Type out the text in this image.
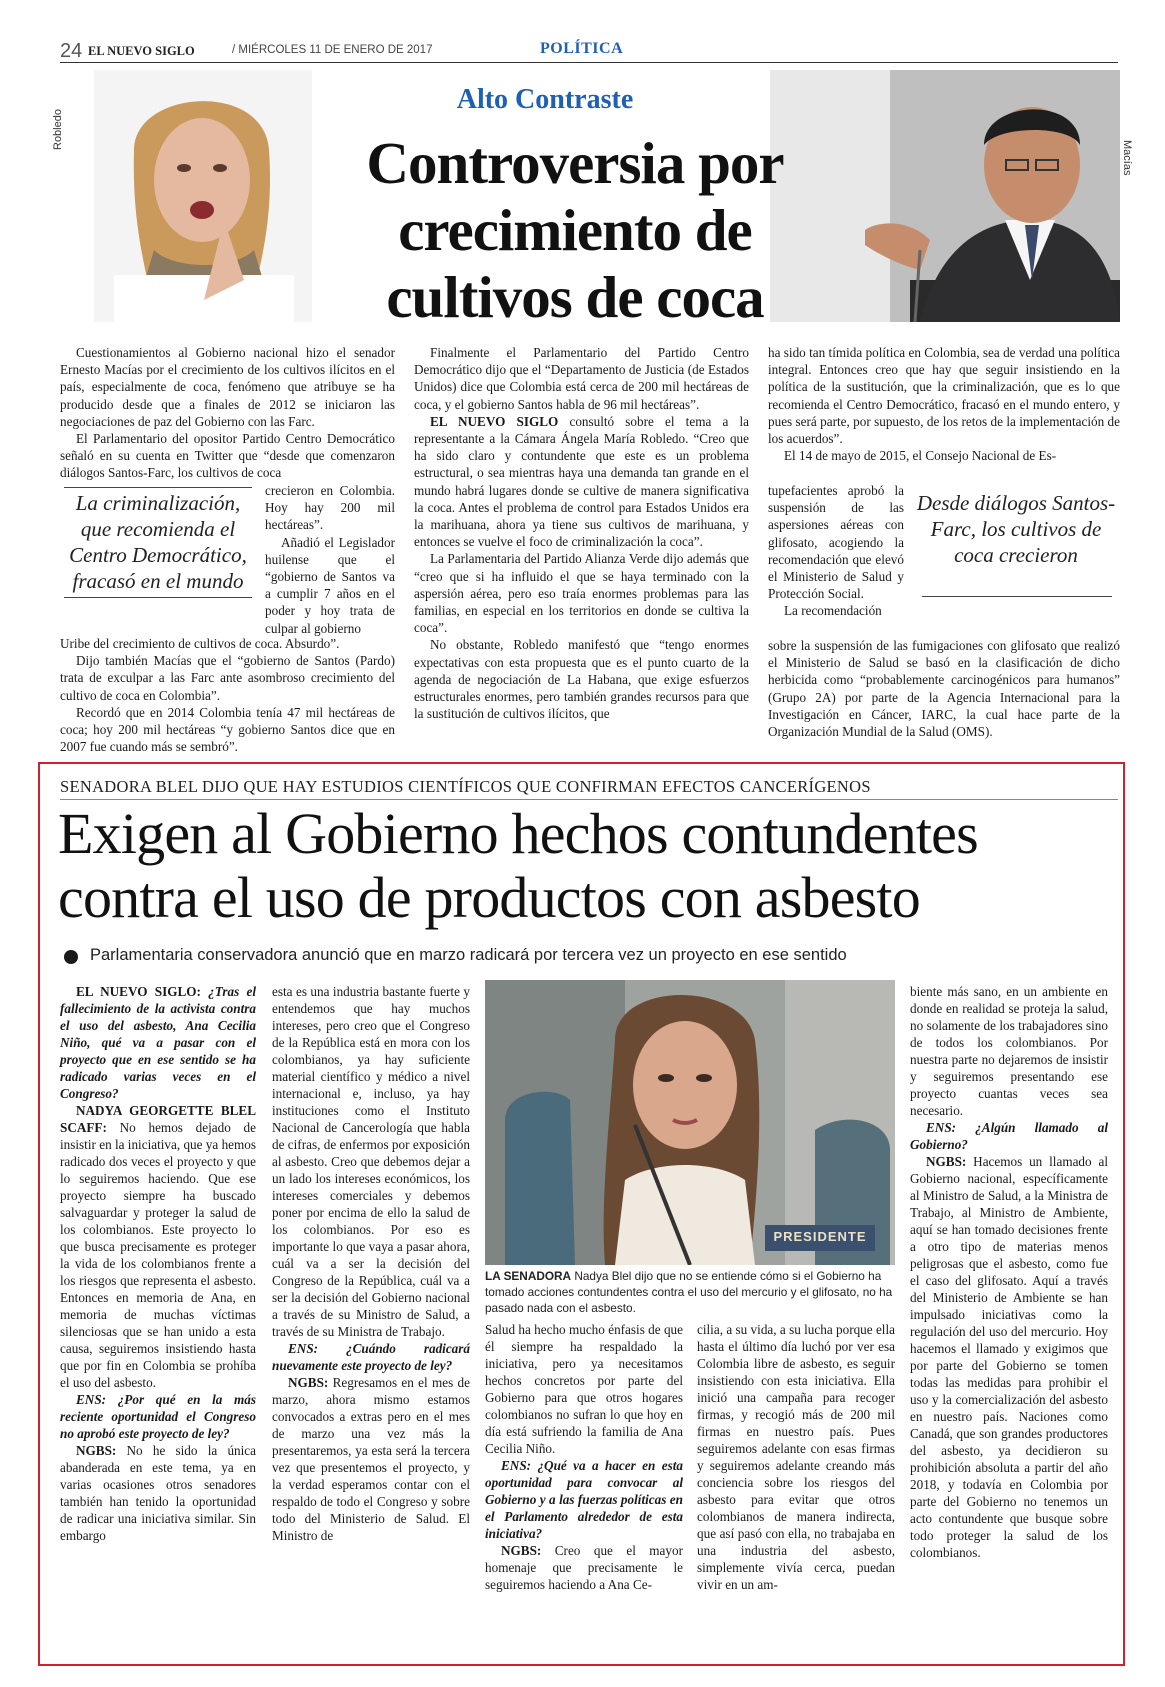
24 EL NUEVO SIGLO	/ MIÉRCOLES 11 DE ENERO DE 2017	POLÍTICA
Robledo
Macías
Alto Contraste
Controversia por crecimiento de cultivos de coca

Cuestionamientos al Gobierno nacional hizo el senador Ernesto Macías por el crecimiento de los cultivos ilícitos en el país, especialmente de coca, fenómeno que atribuye se ha producido desde que a finales de 2012 se iniciaron las negociaciones de paz del Gobierno con las Farc.

El Parlamentario del opositor Partido Centro Democrático señaló en su cuenta en Twitter que “desde que comenzaron diálogos Santos-Farc, los cultivos de coca

La criminalización, que recomienda el Centro Democrático, fracasó en el mundo

crecieron en Colombia. Hoy hay 200 mil hectáreas”.

Añadió el Legislador huilense que el “gobierno de Santos va a cumplir 7 años en el poder y hoy trata de culpar al gobierno

Uribe del crecimiento de cultivos de coca. Absurdo”.

Dijo también Macías que el “gobierno de Santos (Pardo) trata de exculpar a las Farc ante asombroso crecimiento del cultivo de coca en Colombia”.

Recordó que en 2014 Colombia tenía 47 mil hectáreas de coca; hoy 200 mil hectáreas “y gobierno Santos dice que en 2007 fue cuando más se sembró”.

Finalmente el Parlamentario del Partido Centro Democrático dijo que el “Departamento de Justicia (de Estados Unidos) dice que Colombia está cerca de 200 mil hectáreas de coca, y el gobierno Santos habla de 96 mil hectáreas”.

EL NUEVO SIGLO consultó sobre el tema a la representante a la Cámara Ángela María Robledo. “Creo que ha sido claro y contundente que este es un problema estructural, o sea mientras haya una demanda tan grande en el mundo habrá lugares donde se cultive de manera significativa la coca. Antes el problema de control para Estados Unidos era la marihuana, ahora ya tiene sus cultivos de marihuana, y entonces se vuelve el foco de criminalización la coca”.

La Parlamentaria del Partido Alianza Verde dijo además que “creo que si ha influido el que se haya terminado con la aspersión aérea, pero eso traía enormes problemas para las familias, en especial en los territorios en donde se cultiva la coca”.

No obstante, Robledo manifestó que “tengo enormes expectativas con esta propuesta que es el punto cuarto de la agenda de negociación de La Habana, que exige esfuerzos estructurales enormes, pero también grandes recursos para que la sustitución de cultivos ilícitos, que

ha sido tan tímida política en Colombia, sea de verdad una política integral. Entonces creo que hay que seguir insistiendo en la política de la sustitución, que la criminalización, que es lo que recomienda el Centro Democrático, fracasó en el mundo entero, y pues será parte, por supuesto, de los retos de la implementación de los acuerdos”.

El 14 de mayo de 2015, el Consejo Nacional de Es-

tupefacientes aprobó la suspensión de las aspersiones aéreas con glifosato, acogiendo la recomendación que elevó el Ministerio de Salud y Protección Social.

La recomendación

Desde diálogos Santos-Farc, los cultivos de coca crecieron

sobre la suspensión de las fumigaciones con glifosato que realizó el Ministerio de Salud se basó en la clasificación de dicho herbicida como “probablemente carcinogénicos para humanos” (Grupo 2A) por parte de la Agencia Internacional para la Investigación en Cáncer, IARC, la cual hace parte de la Organización Mundial de la Salud (OMS).

SENADORA BLEL DIJO QUE HAY ESTUDIOS CIENTÍFICOS QUE CONFIRMAN EFECTOS CANCERÍGENOS
Exigen al Gobierno hechos contundentes
contra el uso de productos con asbesto
Parlamentaria conservadora anunció que en marzo radicará por tercera vez un proyecto en ese sentido
PRESIDENTE
LA SENADORA Nadya Blel dijo que no se entiende cómo si el Gobierno ha tomado acciones contundentes contra el uso del mercurio y el glifosato, no ha pasado nada con el asbesto.

EL NUEVO SIGLO: ¿Tras el fallecimiento de la activista contra el uso del asbesto, Ana Cecilia Niño, qué va a pasar con el proyecto que en ese sentido se ha radicado varias veces en el Congreso?

NADYA GEORGETTE BLEL SCAFF: No hemos dejado de insistir en la iniciativa, que ya hemos radicado dos veces el proyecto y que lo seguiremos haciendo. Que ese proyecto siempre ha buscado salvaguardar y proteger la salud de los colombianos. Este proyecto lo que busca precisamente es proteger la vida de los colombianos frente a los riesgos que representa el asbesto. Entonces en memoria de Ana, en memoria de muchas víctimas silenciosas que se han unido a esta causa, seguiremos insistiendo hasta que por fin en Colombia se prohíba el uso del asbesto.

ENS: ¿Por qué en la más reciente oportunidad el Congreso no aprobó este proyecto de ley?

NGBS: No he sido la única abanderada en este tema, ya en varias ocasiones otros senadores también han tenido la oportunidad de radicar una iniciativa similar. Sin embargo

esta es una industria bastante fuerte y entendemos que hay muchos intereses, pero creo que el Congreso de la República está en mora con los colombianos, ya hay suficiente material científico y médico a nivel internacional e, incluso, ya hay instituciones como el Instituto Nacional de Cancerología que habla de cifras, de enfermos por exposición al asbesto. Creo que debemos dejar a un lado los intereses económicos, los intereses comerciales y debemos poner por encima de ello la salud de los colombianos. Por eso es importante lo que vaya a pasar ahora, cuál va a ser la decisión del Congreso de la República, cuál va a ser la decisión del Gobierno nacional a través de su Ministro de Salud, a través de su Ministra de Trabajo.

ENS: ¿Cuándo radicará nuevamente este proyecto de ley?

NGBS: Regresamos en el mes de marzo, ahora mismo estamos convocados a extras pero en el mes de marzo una vez más la presentaremos, ya esta será la tercera vez que presentemos el proyecto, y la verdad esperamos contar con el respaldo de todo el Congreso y sobre todo del Ministerio de Salud. El Ministro de

Salud ha hecho mucho énfasis de que él siempre ha respaldado la iniciativa, pero ya necesitamos hechos concretos por parte del Gobierno para que otros hogares colombianos no sufran lo que hoy en día está sufriendo la familia de Ana Cecilia Niño.

ENS: ¿Qué va a hacer en esta oportunidad para convocar al Gobierno y a las fuerzas políticas en el Parlamento alrededor de esta iniciativa?

NGBS: Creo que el mayor homenaje que precisamente le seguiremos haciendo a Ana Ce-

cilia, a su vida, a su lucha porque ella hasta el último día luchó por ver esa Colombia libre de asbesto, es seguir insistiendo con esta iniciativa. Ella inició una campaña para recoger firmas, y recogió más de 200 mil firmas en nuestro país. Pues seguiremos adelante con esas firmas y seguiremos adelante creando más conciencia sobre los riesgos del asbesto para evitar que otros colombianos de manera indirecta, que así pasó con ella, no trabajaba en una industria del asbesto, simplemente vivía cerca, puedan vivir en un am-

biente más sano, en un ambiente en donde en realidad se proteja la salud, no solamente de los trabajadores sino de todos los colombianos. Por nuestra parte no dejaremos de insistir y seguiremos presentando ese proyecto cuantas veces sea necesario.

ENS: ¿Algún llamado al Gobierno?

NGBS: Hacemos un llamado al Gobierno nacional, específicamente al Ministro de Salud, a la Ministra de Trabajo, al Ministro de Ambiente, aquí se han tomado decisiones frente a otro tipo de materias menos peligrosas que el asbesto, como fue el caso del glifosato. Aquí a través del Ministerio de Ambiente se han impulsado iniciativas como la regulación del uso del mercurio. Hoy hacemos el llamado y exigimos que por parte del Gobierno se tomen todas las medidas para prohibir el uso y la comercialización del asbesto en nuestro país. Naciones como Canadá, que son grandes productores del asbesto, ya decidieron su prohibición absoluta a partir del año 2018, y todavía en Colombia por parte del Gobierno no tenemos un acto contundente que busque sobre todo proteger la salud de los colombianos.
